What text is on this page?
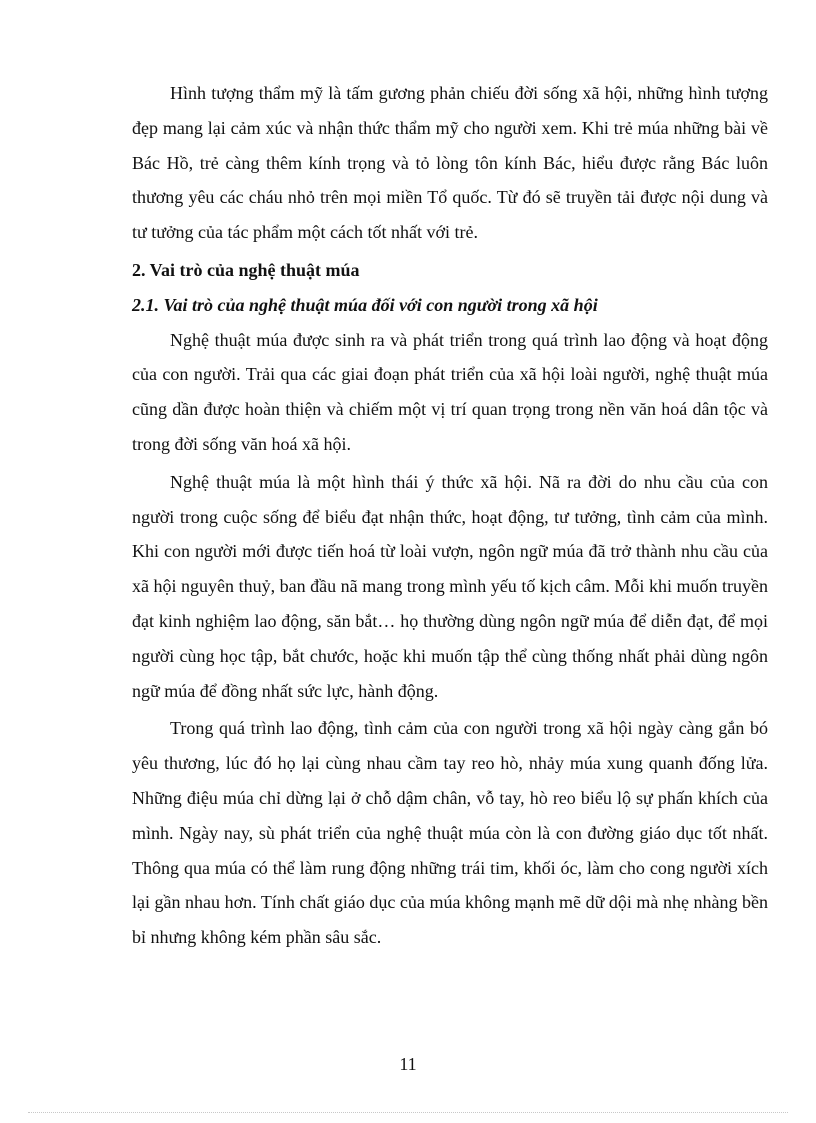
Hình tượng thẩm mỹ là tấm gương phản chiếu đời sống xã hội, những hình tượng đẹp mang lại cảm xúc và nhận thức thẩm mỹ cho người xem. Khi trẻ múa những bài về Bác Hồ, trẻ càng thêm kính trọng và tỏ lòng tôn kính Bác, hiểu được rằng Bác luôn thương yêu các cháu nhỏ trên mọi miền Tổ quốc. Từ đó sẽ truyền tải được nội dung và tư tưởng của tác phẩm một cách tốt nhất với trẻ.

2. Vai trò của nghệ thuật múa
2.1. Vai trò của nghệ thuật múa đối với con người trong xã hội

Nghệ thuật múa được sinh ra và phát triển trong quá trình lao động và hoạt động của con người. Trải qua các giai đoạn phát triển của xã hội loài người, nghệ thuật múa cũng dần được hoàn thiện và chiếm một vị trí quan trọng trong nền văn hoá dân tộc và trong đời sống văn hoá xã hội.

Nghệ thuật múa là một hình thái ý thức xã hội. Nã ra đời do nhu cầu của con người trong cuộc sống để biểu đạt nhận thức, hoạt động, tư tưởng, tình cảm của mình. Khi con người mới được tiến hoá từ loài vượn, ngôn ngữ múa đã trở thành nhu cầu của xã hội nguyên thuỷ, ban đầu nã mang trong mình yếu tố kịch câm. Mỗi khi muốn truyền đạt kinh nghiệm lao động, săn bắt… họ thường dùng ngôn ngữ múa để diễn đạt, để mọi người cùng học tập, bắt chước, hoặc khi muốn tập thể cùng thống nhất phải dùng ngôn ngữ múa để đồng nhất sức lực, hành động.

Trong quá trình lao động, tình cảm của con người trong xã hội ngày càng gắn bó yêu thương, lúc đó họ lại cùng nhau cầm tay reo hò, nhảy múa xung quanh đống lửa. Những điệu múa chỉ dừng lại ở chỗ dậm chân, vỗ tay, hò reo biểu lộ sự phấn khích của mình. Ngày nay, sù phát triển của nghệ thuật múa còn là con đường giáo dục tốt nhất. Thông qua múa có thể làm rung động những trái tim, khối óc, làm cho cong người xích lại gần nhau hơn. Tính chất giáo dục của múa không mạnh mẽ dữ dội mà nhẹ nhàng bền bỉ nhưng không kém phần sâu sắc.

11
